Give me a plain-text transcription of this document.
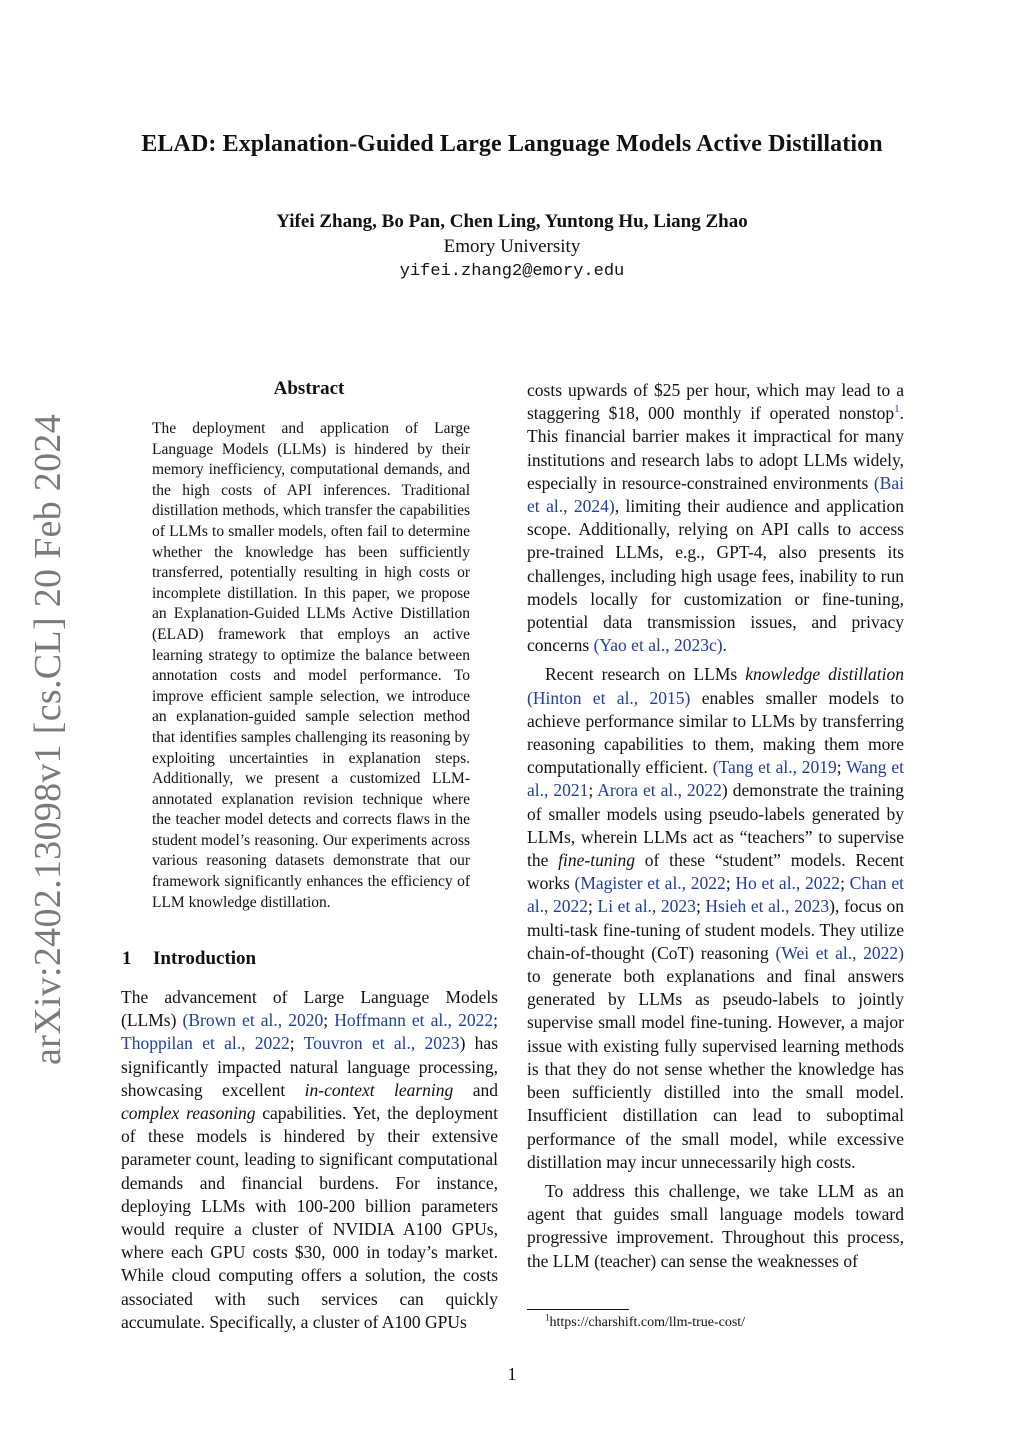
ELAD: Explanation-Guided Large Language Models Active Distillation
Yifei Zhang, Bo Pan, Chen Ling, Yuntong Hu, Liang Zhao
Emory University
yifei.zhang2@emory.edu
arXiv:2402.13098v1 [cs.CL] 20 Feb 2024
Abstract
The deployment and application of Large Language Models (LLMs) is hindered by their memory inefficiency, computational demands, and the high costs of API inferences. Traditional distillation methods, which transfer the capabilities of LLMs to smaller models, often fail to determine whether the knowledge has been sufficiently transferred, potentially resulting in high costs or incomplete distillation. In this paper, we propose an Explanation-Guided LLMs Active Distillation (ELAD) framework that employs an active learning strategy to optimize the balance between annotation costs and model performance. To improve efficient sample selection, we introduce an explanation-guided sample selection method that identifies samples challenging its reasoning by exploiting uncertainties in explanation steps. Additionally, we present a customized LLM-annotated explanation revision technique where the teacher model detects and corrects flaws in the student model’s reasoning. Our experiments across various reasoning datasets demonstrate that our framework significantly enhances the efficiency of LLM knowledge distillation.
1 Introduction

The advancement of Large Language Models (LLMs) (Brown et al., 2020; Hoffmann et al., 2022; Thoppilan et al., 2022; Touvron et al., 2023) has significantly impacted natural language processing, showcasing excellent in-context learning and complex reasoning capabilities. Yet, the deployment of these models is hindered by their extensive parameter count, leading to significant computational demands and financial burdens. For instance, deploying LLMs with 100-200 billion parameters would require a cluster of NVIDIA A100 GPUs, where each GPU costs $30, 000 in today’s market. While cloud computing offers a solution, the costs associated with such services can quickly accumulate. Specifically, a cluster of A100 GPUs

costs upwards of $25 per hour, which may lead to a staggering $18, 000 monthly if operated nonstop$^1$. This financial barrier makes it impractical for many institutions and research labs to adopt LLMs widely, especially in resource-constrained environments (Bai et al., 2024), limiting their audience and application scope. Additionally, relying on API calls to access pre-trained LLMs, e.g., GPT-4, also presents its challenges, including high usage fees, inability to run models locally for customization or fine-tuning, potential data transmission issues, and privacy concerns (Yao et al., 2023c).

Recent research on LLMs knowledge distillation (Hinton et al., 2015) enables smaller models to achieve performance similar to LLMs by transferring reasoning capabilities to them, making them more computationally efficient. (Tang et al., 2019; Wang et al., 2021; Arora et al., 2022) demonstrate the training of smaller models using pseudo-labels generated by LLMs, wherein LLMs act as “teachers” to supervise the fine-tuning of these “student” models. Recent works (Magister et al., 2022; Ho et al., 2022; Chan et al., 2022; Li et al., 2023; Hsieh et al., 2023), focus on multi-task fine-tuning of student models. They utilize chain-of-thought (CoT) reasoning (Wei et al., 2022) to generate both explanations and final answers generated by LLMs as pseudo-labels to jointly supervise small model fine-tuning. However, a major issue with existing fully supervised learning methods is that they do not sense whether the knowledge has been sufficiently distilled into the small model. Insufficient distillation can lead to suboptimal performance of the small model, while excessive distillation may incur unnecessarily high costs.

To address this challenge, we take LLM as an agent that guides small language models toward progressive improvement. Throughout this process, the LLM (teacher) can sense the weaknesses of

$^1$https://charshift.com/llm-true-cost/
1
